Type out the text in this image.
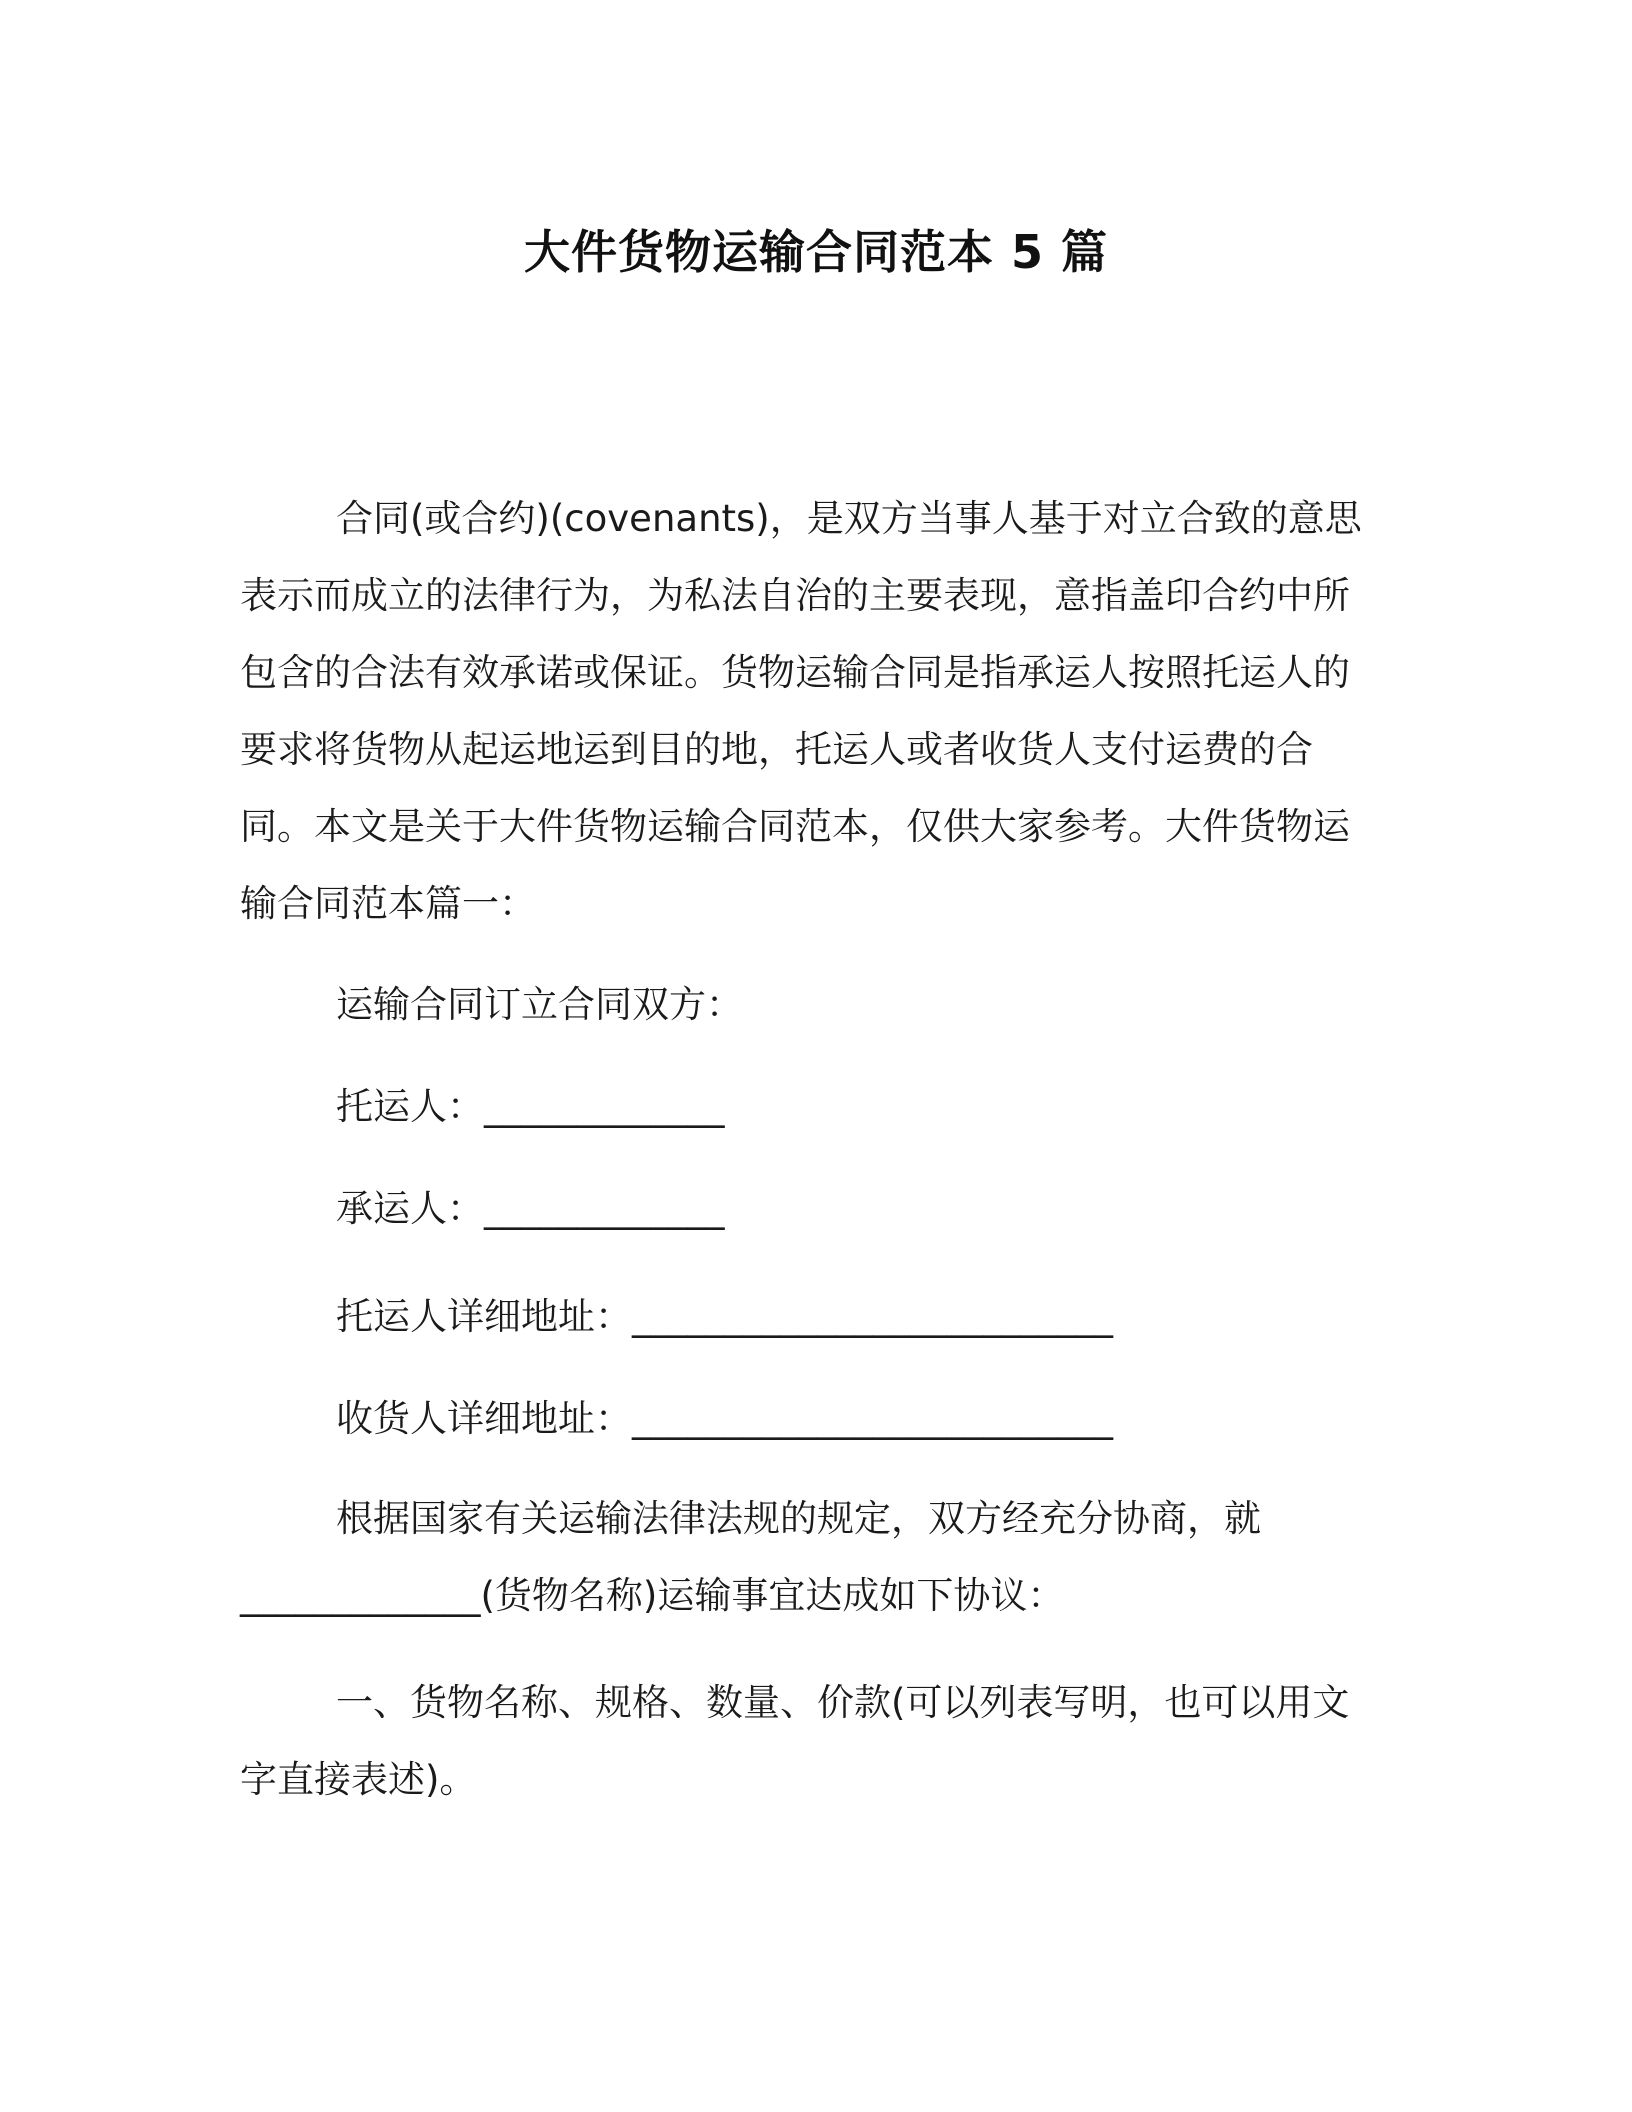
大件货物运输合同范本 5 篇
合同(或合约)(covenants)，是双方当事人基于对立合致的意思表示而成立的法律行为，为私法自治的主要表现，意指盖印合约中所包含的合法有效承诺或保证。货物运输合同是指承运人按照托运人的要求将货物从起运地运到目的地，托运人或者收货人支付运费的合同。本文是关于大件货物运输合同范本，仅供大家参考。大件货物运输合同范本篇一：
运输合同订立合同双方：
托运人：_____________
承运人：_____________
托运人详细地址：__________________________
收货人详细地址：__________________________
根据国家有关运输法律法规的规定，双方经充分协商，就_____________(货物名称)运输事宜达成如下协议：
一、货物名称、规格、数量、价款(可以列表写明，也可以用文字直接表述)。
